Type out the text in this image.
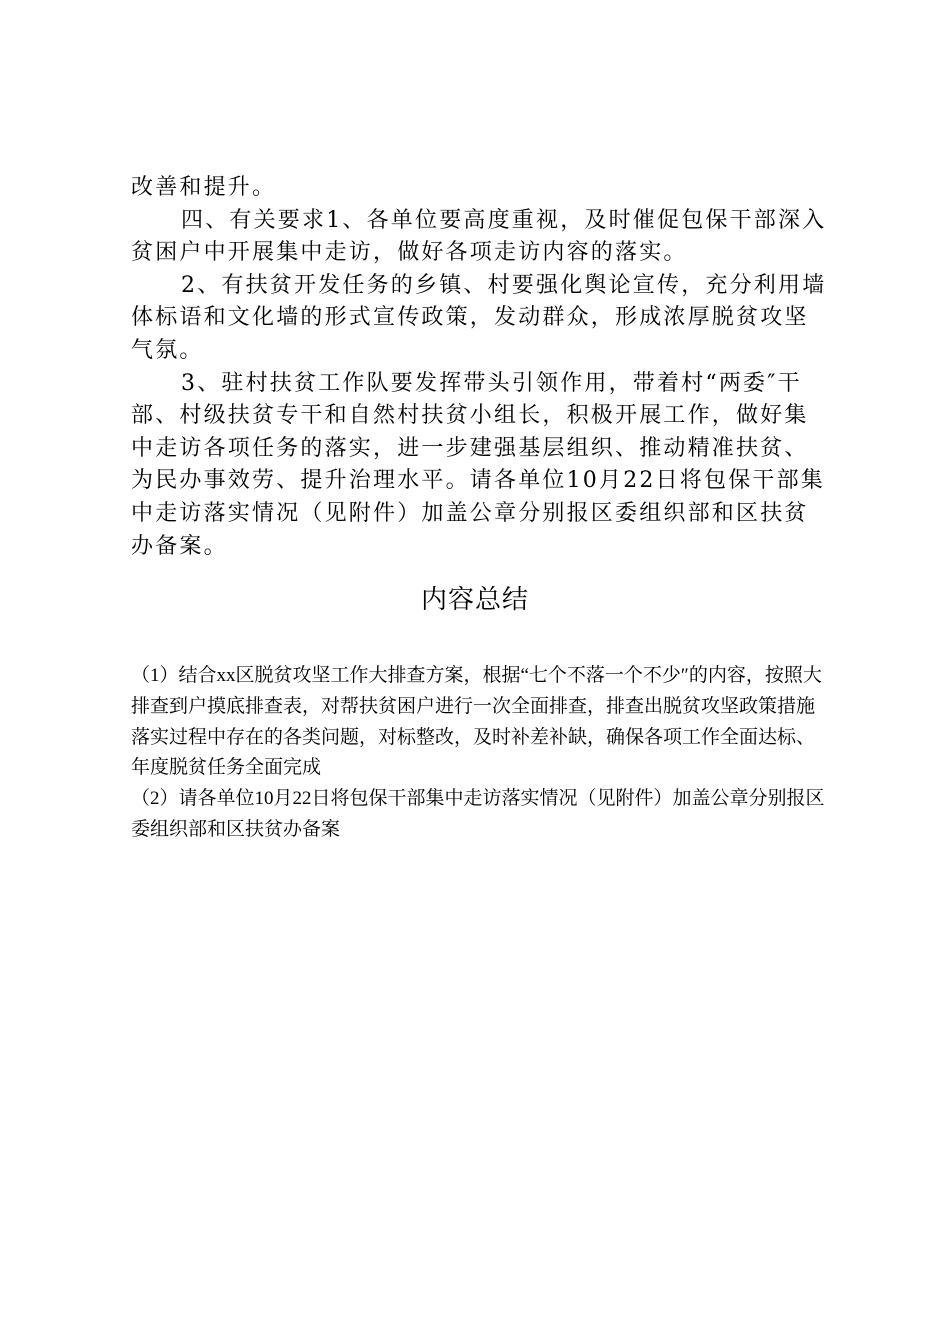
改善和提升。

四、有关要求1、各单位要高度重视，及时催促包保干部深入贫困户中开展集中走访，做好各项走访内容的落实。

2、有扶贫开发任务的乡镇、村要强化舆论宣传，充分利用墙体标语和文化墙的形式宣传政策，发动群众，形成浓厚脱贫攻坚气氛。

3、驻村扶贫工作队要发挥带头引领作用，带着村“两委″干部、村级扶贫专干和自然村扶贫小组长，积极开展工作，做好集中走访各项任务的落实，进一步建强基层组织、推动精准扶贫、为民办事效劳、提升治理水平。请各单位10月22日将包保干部集中走访落实情况（见附件）加盖公章分别报区委组织部和区扶贫办备案。

内容总结

（1）结合xx区脱贫攻坚工作大排查方案，根据“七个不落一个不少″的内容，按照大排查到户摸底排查表，对帮扶贫困户进行一次全面排查，排查出脱贫攻坚政策措施落实过程中存在的各类问题，对标整改，及时补差补缺，确保各项工作全面达标、年度脱贫任务全面完成

（2）请各单位10月22日将包保干部集中走访落实情况（见附件）加盖公章分别报区委组织部和区扶贫办备案
